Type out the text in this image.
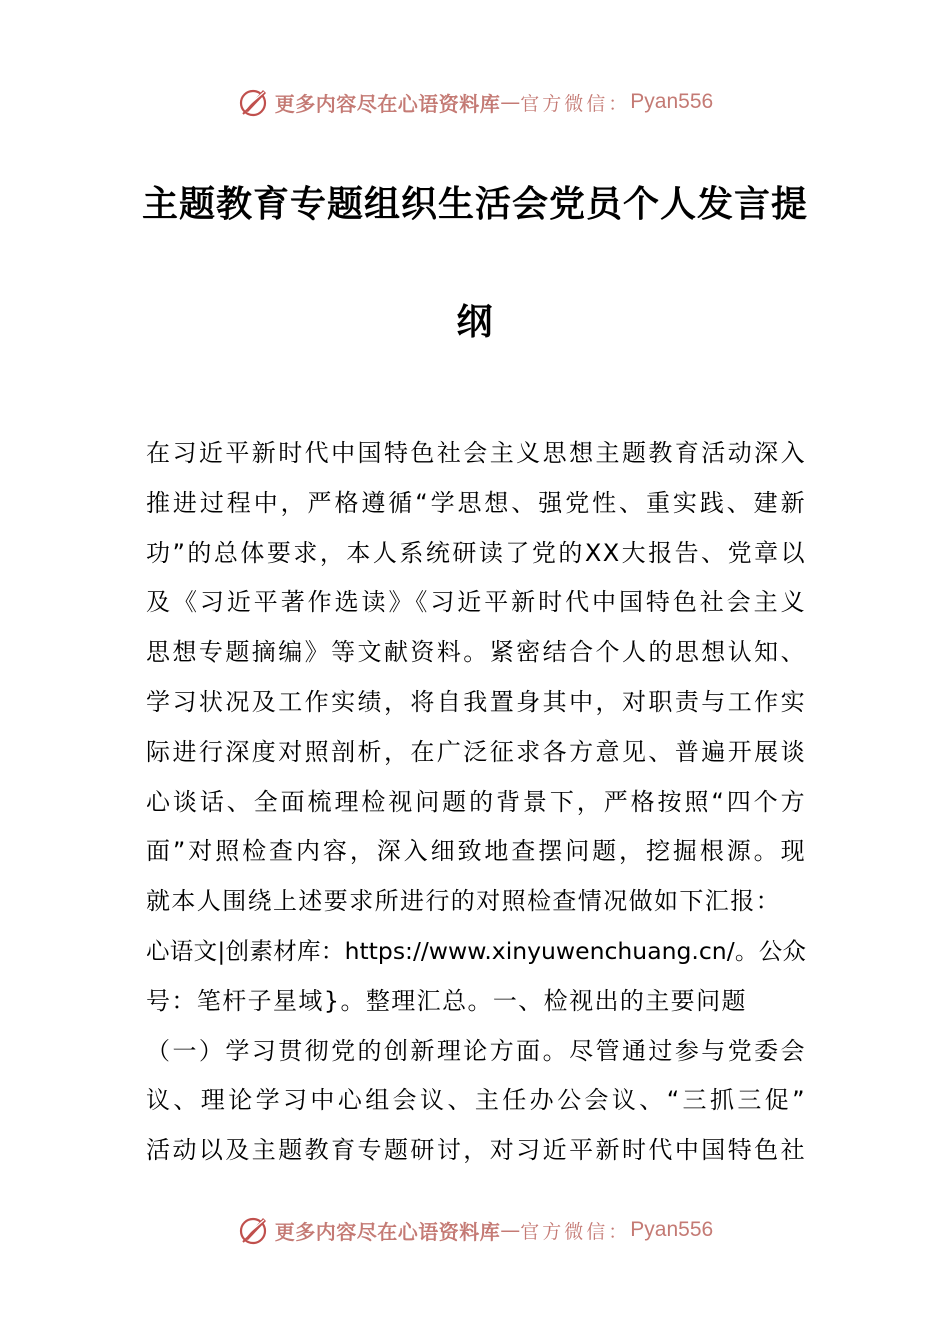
更多内容尽在心语资料库 — 官方微信： Pyan556
主题教育专题组织生活会党员个人发言提
纲
在习近平新时代中国特色社会主义思想主题教育活动深入
推进过程中，严格遵循“学思想、强党性、重实践、建新
功”的总体要求，本人系统研读了党的XX大报告、党章以
及《习近平著作选读》《习近平新时代中国特色社会主义
思想专题摘编》等文献资料。紧密结合个人的思想认知、
学习状况及工作实绩，将自我置身其中，对职责与工作实
际进行深度对照剖析，在广泛征求各方意见、普遍开展谈
心谈话、全面梳理检视问题的背景下，严格按照“四个方
面”对照检查内容，深入细致地查摆问题，挖掘根源。现
就本人围绕上述要求所进行的对照检查情况做如下汇报：
心语文|创素材库：https://www.xinyuwenchuang.cn/。公众
号：笔杆子星域}。整理汇总。一、检视出的主要问题
（一）学习贯彻党的创新理论方面。尽管通过参与党委会
议、理论学习中心组会议、主任办公会议、“三抓三促”
活动以及主题教育专题研讨，对习近平新时代中国特色社
更多内容尽在心语资料库 — 官方微信： Pyan556
